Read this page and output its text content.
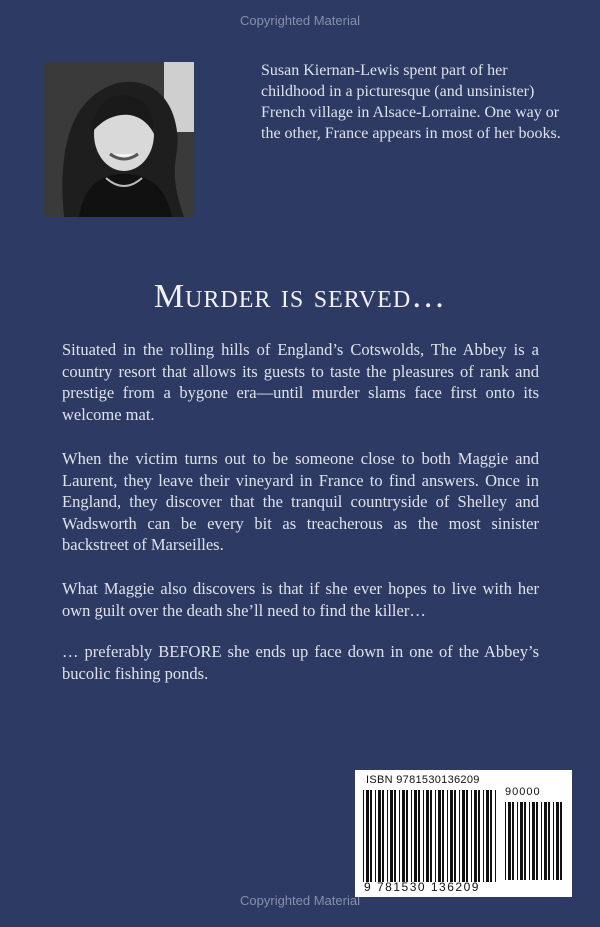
Copyrighted Material
Susan Kiernan-Lewis spent part of her childhood in a picturesque (and unsinister) French village in Alsace-Lorraine. One way or the other, France appears in most of her books.
Murder is served…

Situated in the rolling hills of England’s Cotswolds, The Abbey is a country resort that allows its guests to taste the pleasures of rank and prestige from a bygone era—until murder slams face first onto its welcome mat.

When the victim turns out to be someone close to both Maggie and Laurent, they leave their vineyard in France to find answers. Once in England, they discover that the tranquil countryside of Shelley and Wadsworth can be every bit as treacherous as the most sinister backstreet of Marseilles.

What Maggie also discovers is that if she ever hopes to live with her own guilt over the death she’ll need to find the killer…

… preferably BEFORE she ends up face down in one of the Abbey’s bucolic fishing ponds.

ISBN 9781530136209
90000
9 781530 136209
Copyrighted Material
